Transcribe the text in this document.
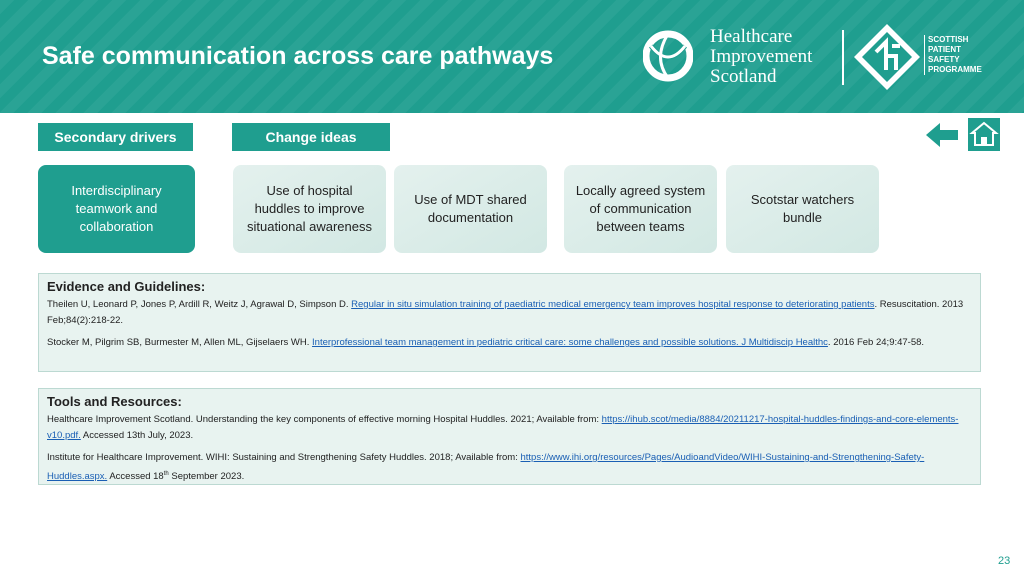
Safe communication across care pathways
Healthcare
Improvement
Scotland
SCOTTISH
PATIENT
SAFETY
PROGRAMME
Secondary drivers	Change ideas
Interdisciplinary teamwork and collaboration
Use of hospital huddles to improve situational awareness
Use of MDT shared documentation
Locally agreed system of communication between teams
Scotstar watchers bundle
Evidence and Guidelines:
Theilen U, Leonard P, Jones P, Ardill R, Weitz J, Agrawal D, Simpson D. Regular in situ simulation training of paediatric medical emergency team improves hospital response to deteriorating patients. Resuscitation. 2013 Feb;84(2):218-22.
Stocker M, Pilgrim SB, Burmester M, Allen ML, Gijselaers WH. Interprofessional team management in pediatric critical care: some challenges and possible solutions. J Multidiscip Healthc. 2016 Feb 24;9:47-58.
Tools and Resources:
Healthcare Improvement Scotland. Understanding the key components of effective morning Hospital Huddles. 2021; Available from: https://ihub.scot/media/8884/20211217-hospital-huddles-findings-and-core-elements-v10.pdf. Accessed 13th July, 2023.
Institute for Healthcare Improvement. WIHI: Sustaining and Strengthening Safety Huddles. 2018; Available from: https://www.ihi.org/resources/Pages/AudioandVideo/WIHI-Sustaining-and-Strengthening-Safety-Huddles.aspx. Accessed 18th September 2023.
23
